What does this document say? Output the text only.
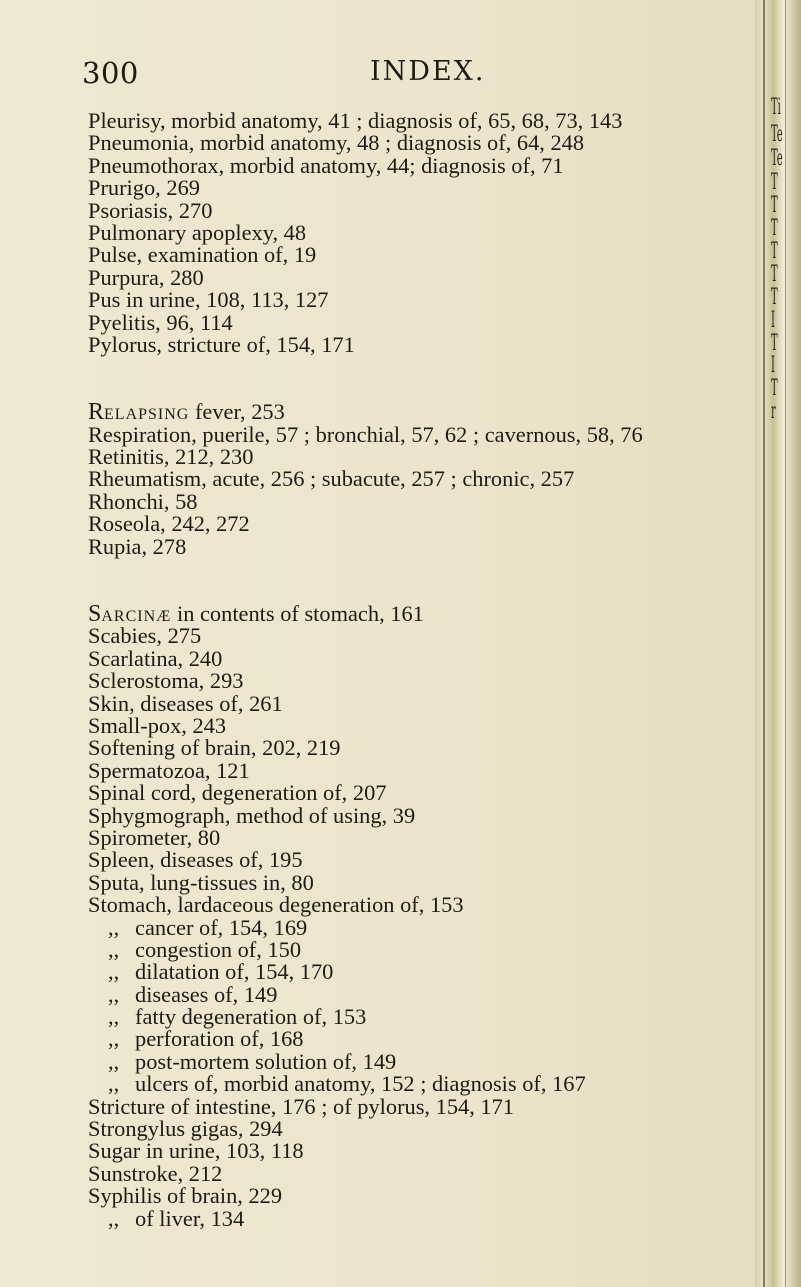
300	INDEX.
Pleurisy, morbid anatomy, 41 ; diagnosis of, 65, 68, 73, 143
Pneumonia, morbid anatomy, 48 ; diagnosis of, 64, 248
Pneumothorax, morbid anatomy, 44; diagnosis of, 71
Prurigo, 269
Psoriasis, 270
Pulmonary apoplexy, 48
Pulse, examination of, 19
Purpura, 280
Pus in urine, 108, 113, 127
Pyelitis, 96, 114
Pylorus, stricture of, 154, 171
Relapsing fever, 253
Respiration, puerile, 57 ; bronchial, 57, 62 ; cavernous, 58, 76
Retinitis, 212, 230
Rheumatism, acute, 256 ; subacute, 257 ; chronic, 257
Rhonchi, 58
Roseola, 242, 272
Rupia, 278
Sarcinæ in contents of stomach, 161
Scabies, 275
Scarlatina, 240
Sclerostoma, 293
Skin, diseases of, 261
Small-pox, 243
Softening of brain, 202, 219
Spermatozoa, 121
Spinal cord, degeneration of, 207
Sphygmograph, method of using, 39
Spirometer, 80
Spleen, diseases of, 195
Sputa, lung-tissues in, 80
Stomach, lardaceous degeneration of, 153
,, cancer of, 154, 169
,, congestion of, 150
,, dilatation of, 154, 170
,, diseases of, 149
,, fatty degeneration of, 153
,, perforation of, 168
,, post-mortem solution of, 149
,, ulcers of, morbid anatomy, 152 ; diagnosis of, 167
Stricture of intestine, 176 ; of pylorus, 154, 171
Strongylus gigas, 294
Sugar in urine, 103, 118
Sunstroke, 212
Syphilis of brain, 229
,, of liver, 134
Ti
Te
Te
T
T
T
T
T
T
I
T
I
T
r
